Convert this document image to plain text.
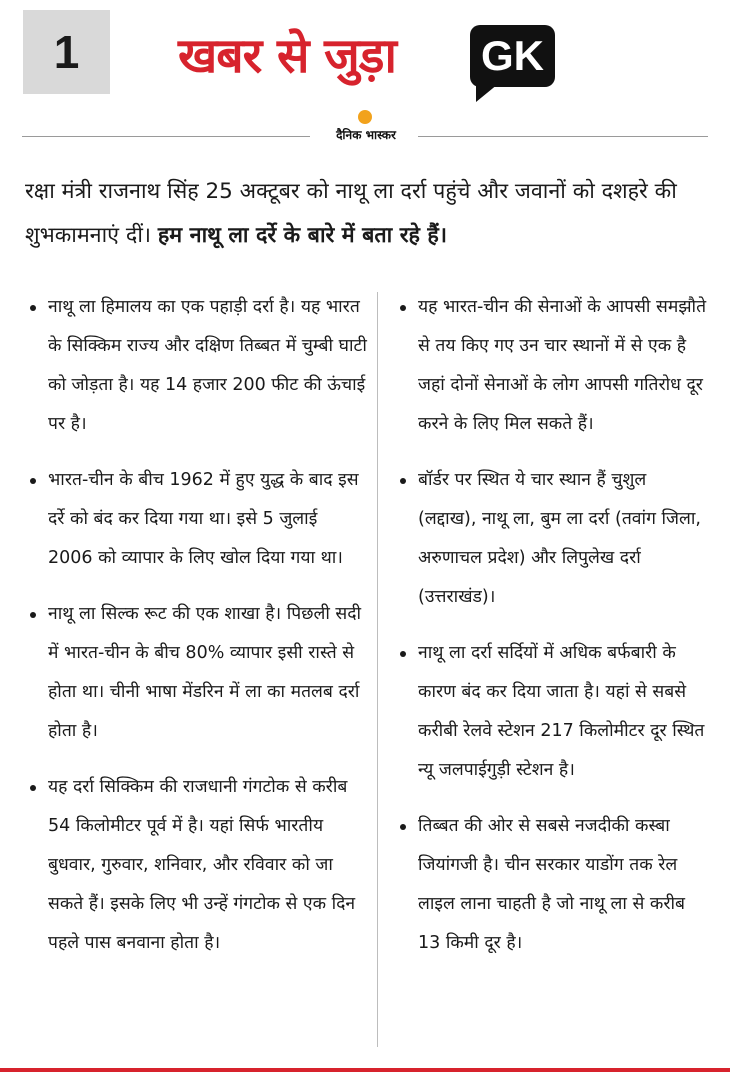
1	खबर से जुड़ा GK
दैनिक भास्कर

रक्षा मंत्री राजनाथ सिंह 25 अक्टूबर को नाथू ला दर्रा पहुंचे और जवानों को दशहरे की शुभकामनाएं दीं। हम नाथू ला दर्रे के बारे में बता रहे हैं।

नाथू ला हिमालय का एक पहाड़ी दर्रा है। यह भारत के सिक्किम राज्य और दक्षिण तिब्बत में चुम्बी घाटी को जोड़ता है। यह 14 हजार 200 फीट की ऊंचाई पर है।
भारत-चीन के बीच 1962 में हुए युद्ध के बाद इस दर्रे को बंद कर दिया गया था। इसे 5 जुलाई 2006 को व्यापार के लिए खोल दिया गया था।
नाथू ला सिल्क रूट की एक शाखा है। पिछली सदी में भारत-चीन के बीच 80% व्यापार इसी रास्ते से होता था। चीनी भाषा मेंडरिन में ला का मतलब दर्रा होता है।
यह दर्रा सिक्किम की राजधानी गंगटोक से करीब 54 किलोमीटर पूर्व में है। यहां सिर्फ भारतीय बुधवार, गुरुवार, शनिवार, और रविवार को जा सकते हैं। इसके लिए भी उन्हें गंगटोक से एक दिन पहले पास बनवाना होता है।
यह भारत-चीन की सेनाओं के आपसी समझौते से तय किए गए उन चार स्थानों में से एक है जहां दोनों सेनाओं के लोग आपसी गतिरोध दूर करने के लिए मिल सकते हैं।
बॉर्डर पर स्थित ये चार स्थान हैं चुशुल (लद्दाख), नाथू ला, बुम ला दर्रा (तवांग जिला, अरुणाचल प्रदेश) और लिपुलेख दर्रा (उत्तराखंड)।
नाथू ला दर्रा सर्दियों में अधिक बर्फबारी के कारण बंद कर दिया जाता है। यहां से सबसे करीबी रेलवे स्टेशन 217 किलोमीटर दूर स्थित न्यू जलपाईगुड़ी स्टेशन है।
तिब्बत की ओर से सबसे नजदीकी कस्बा जियांगजी है। चीन सरकार याडोंग तक रेल लाइल लाना चाहती है जो नाथू ला से करीब 13 किमी दूर है।
